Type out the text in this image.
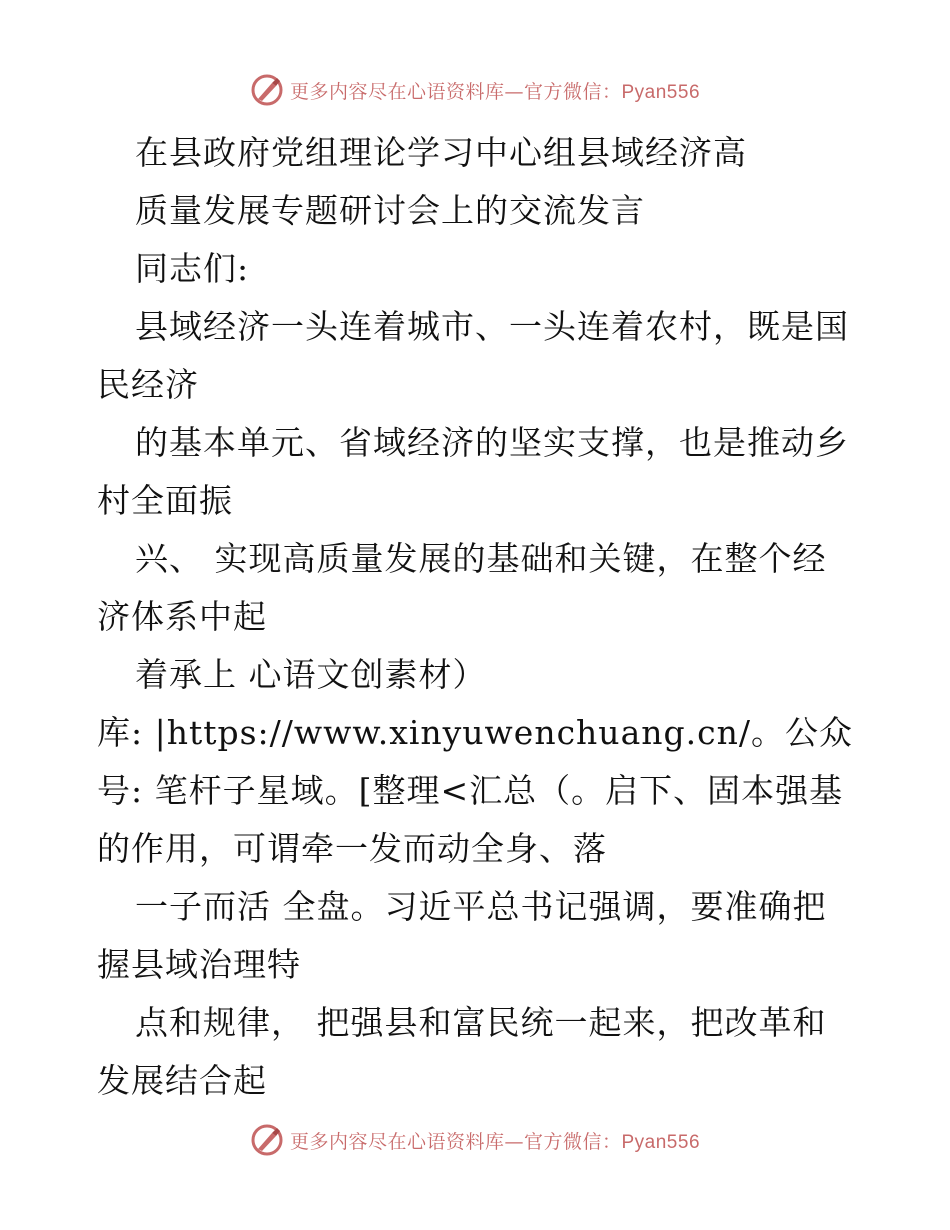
更多内容尽在心语资料库—官方微信：Pyan556
在县政府党组理论学习中心组县域经济高
质量发展专题研讨会上的交流发言
同志们:
县域经济一头连着城市、一头连着农村，既是国
民经济
的基本单元、省域经济的坚实支撑，也是推动乡
村全面振
兴、 实现高质量发展的基础和关键，在整个经
济体系中起
着承上 心语文创素材）
库: |https://www.xinyuwenchuang.cn/。公众
号: 笔杆子星域。[整理<汇总（。启下、固本强基
的作用，可谓牵一发而动全身、落
一子而活 全盘。习近平总书记强调，要准确把
握县域治理特
点和规律， 把强县和富民统一起来，把改革和
发展结合起
更多内容尽在心语资料库—官方微信：Pyan556
